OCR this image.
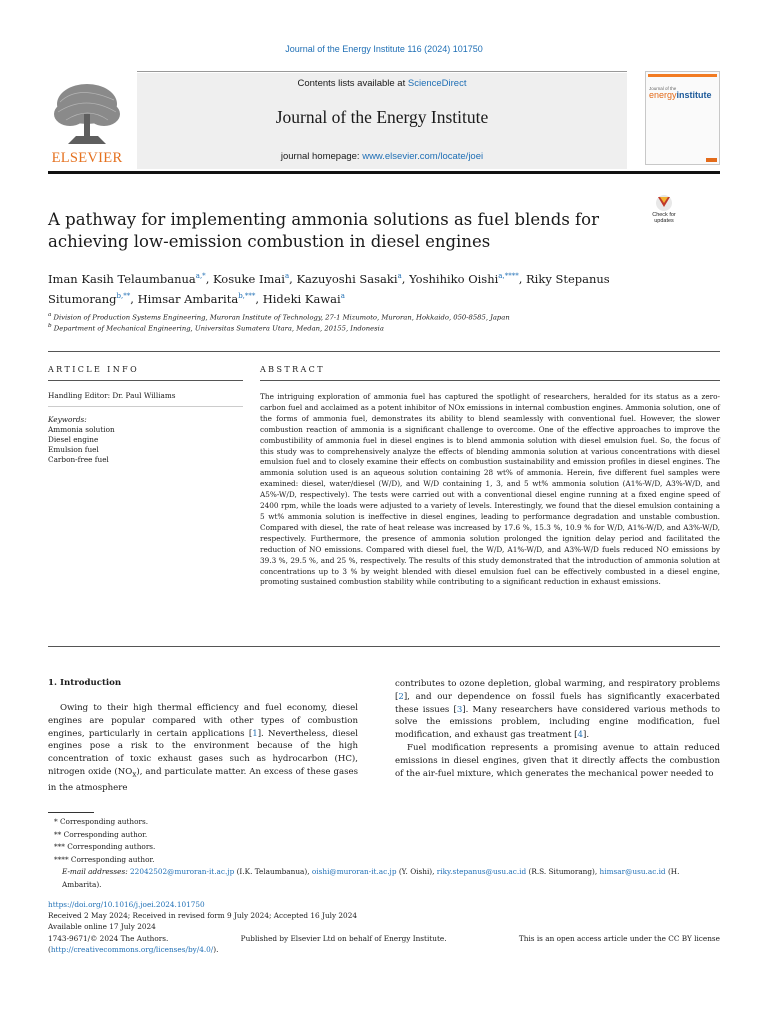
Journal of the Energy Institute 116 (2024) 101750
Contents lists available at ScienceDirect
Journal of the Energy Institute
journal homepage: www.elsevier.com/locate/joei
ELSEVIER
Journal of the
energyinstitute
Check for
updates
A pathway for implementing ammonia solutions as fuel blends for achieving low-emission combustion in diesel engines
Iman Kasih Telaumbanua$^{a,*}$, Kosuke Imai$^a$, Kazuyoshi Sasaki$^a$, Yoshihiko Oishi$^{a,****}$, Riky Stepanus Situmorang$^{b,**}$, Himsar Ambarita$^{b,***}$, Hideki Kawai$^a$
$^a$ Division of Production Systems Engineering, Muroran Institute of Technology, 27-1 Mizumoto, Muroran, Hokkaido, 050-8585, Japan
$^b$ Department of Mechanical Engineering, Universitas Sumatera Utara, Medan, 20155, Indonesia
ARTICLE INFO	ABSTRACT
Handling Editor: Dr. Paul Williams
Keywords:
Ammonia solution
Diesel engine
Emulsion fuel
Carbon-free fuel
The intriguing exploration of ammonia fuel has captured the spotlight of researchers, heralded for its status as a zero-carbon fuel and acclaimed as a potent inhibitor of NOx emissions in internal combustion engines. Ammonia solution, one of the forms of ammonia fuel, demonstrates its ability to blend seamlessly with conventional fuel. However, the slower combustion reaction of ammonia is a significant challenge to overcome. One of the effective approaches to improve the combustibility of ammonia fuel in diesel engines is to blend ammonia solution with diesel emulsion fuel. So, the focus of this study was to comprehensively analyze the effects of blending ammonia solution at various concentrations with diesel emulsion fuel and to closely examine their effects on combustion sustainability and emission profiles in diesel engines. The ammonia solution used is an aqueous solution containing 28 wt% of ammonia. Herein, five different fuel samples were examined: diesel, water/diesel (W/D), and W/D containing 1, 3, and 5 wt% ammonia solution (A1%-W/D, A3%-W/D, and A5%-W/D, respectively). The tests were carried out with a conventional diesel engine running at a fixed engine speed of 2400 rpm, while the loads were adjusted to a variety of levels. Interestingly, we found that the diesel emulsion containing a 5 wt% ammonia solution is ineffective in diesel engines, leading to performance degradation and unstable combustion. Compared with diesel, the rate of heat release was increased by 17.6 %, 15.3 %, 10.9 % for W/D, A1%-W/D, and A3%-W/D, respectively. Furthermore, the presence of ammonia solution prolonged the ignition delay period and facilitated the reduction of NO emissions. Compared with diesel fuel, the W/D, A1%-W/D, and A3%-W/D fuels reduced NO emissions by 39.3 %, 29.5 %, and 25 %, respectively. The results of this study demonstrated that the introduction of ammonia solution at concentrations up to 3 % by weight blended with diesel emulsion fuel can be effectively combusted in a diesel engine, promoting sustained combustion stability while contributing to a significant reduction in exhaust emissions.
1. Introduction
Owing to their high thermal efficiency and fuel economy, diesel engines are popular compared with other types of combustion engines, particularly in certain applications [1]. Nevertheless, diesel engines pose a risk to the environment because of the high concentration of toxic exhaust gases such as hydrocarbon (HC), nitrogen oxide $(NO_x)$, and particulate matter. An excess of these gases in the atmosphere

contributes to ozone depletion, global warming, and respiratory problems [2], and our dependence on fossil fuels has significantly exacerbated these issues [3]. Many researchers have considered various methods to solve the emissions problem, including engine modification, fuel modification, and exhaust gas treatment [4].

Fuel modification represents a promising avenue to attain reduced emissions in diesel engines, given that it directly affects the combustion of the air-fuel mixture, which generates the mechanical power needed to

* Corresponding authors.
** Corresponding author.
*** Corresponding authors.
**** Corresponding author.
E-mail addresses: 22042502@muroran-it.ac.jp (I.K. Telaumbanua), oishi@muroran-it.ac.jp (Y. Oishi), riky.stepanus@usu.ac.id (R.S. Situmorang), himsar@usu.ac.id (H. Ambarita).
https://doi.org/10.1016/j.joei.2024.101750
Received 2 May 2024; Received in revised form 9 July 2024; Accepted 16 July 2024
Available online 17 July 2024
1743-9671/© 2024 The Authors.	Published by Elsevier Ltd on behalf of Energy Institute.	This is an open access article under the CC BY license
(http://creativecommons.org/licenses/by/4.0/).
